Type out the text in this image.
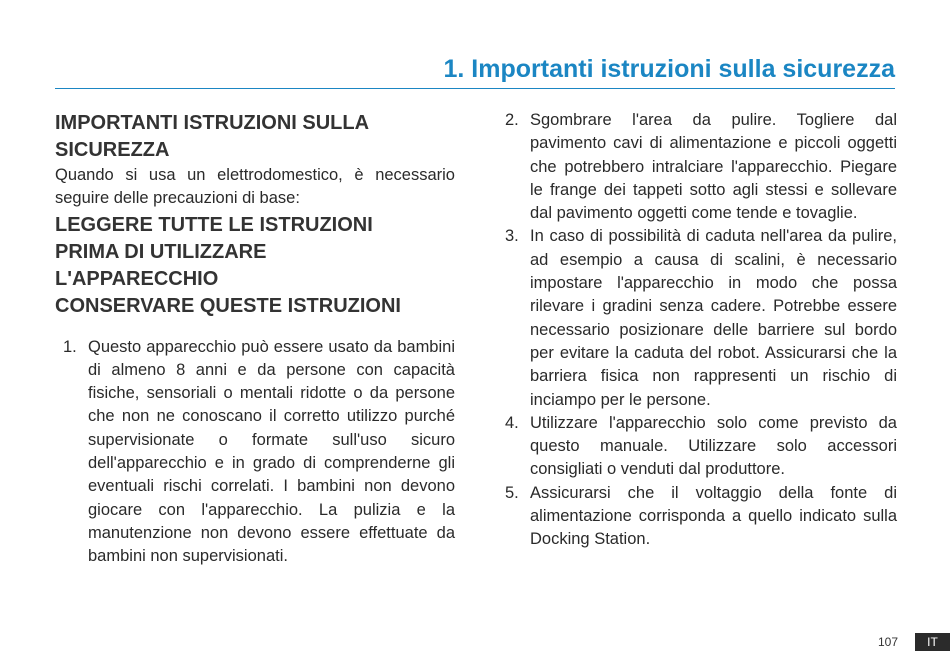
1. Importanti istruzioni sulla sicurezza
IMPORTANTI ISTRUZIONI SULLA SICUREZZA

Quando si usa un elettrodomestico, è necessario seguire delle precauzioni di base:

LEGGERE TUTTE LE ISTRUZIONI
PRIMA DI UTILIZZARE
L'APPARECCHIO
CONSERVARE QUESTE ISTRUZIONI
1. Questo apparecchio può essere usato da bambini di almeno 8 anni e da persone con capacità fisiche, sensoriali o mentali ridotte o da persone che non ne conoscano il corretto utilizzo purché supervisionate o formate sull'uso sicuro dell'apparecchio e in grado di comprenderne gli eventuali rischi correlati. I bambini non devono giocare con l'apparecchio. La pulizia e la manutenzione non devono essere effettuate da bambini non supervisionati.
2. Sgombrare l'area da pulire. Togliere dal pavimento cavi di alimentazione e piccoli oggetti che potrebbero intralciare l'apparecchio. Piegare le frange dei tappeti sotto agli stessi e sollevare dal pavimento oggetti come tende e tovaglie.
3. In caso di possibilità di caduta nell'area da pulire, ad esempio a causa di scalini, è necessario impostare l'apparecchio in modo che possa rilevare i gradini senza cadere. Potrebbe essere necessario posizionare delle barriere sul bordo per evitare la caduta del robot. Assicurarsi che la barriera fisica non rappresenti un rischio di inciampo per le persone.
4. Utilizzare l'apparecchio solo come previsto da questo manuale. Utilizzare solo accessori consigliati o venduti dal produttore.
5. Assicurarsi che il voltaggio della fonte di alimentazione corrisponda a quello indicato sulla Docking Station.
107	IT
